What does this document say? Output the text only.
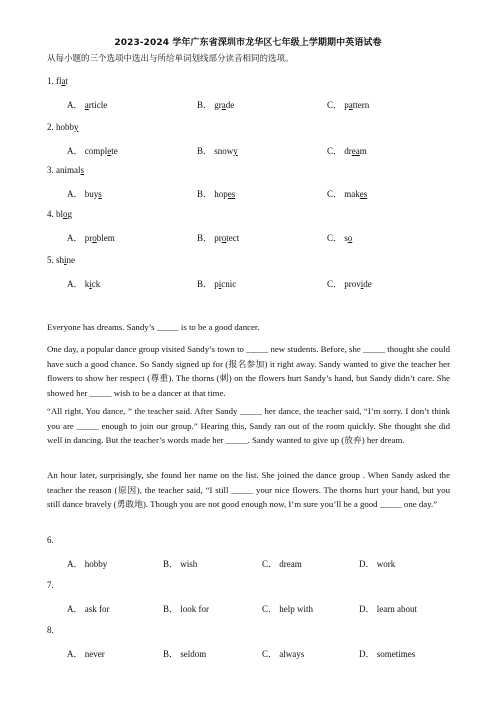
2023-2024 学年广东省深圳市龙华区七年级上学期期中英语试卷
从每小题的三个选项中选出与所给单词划线部分读音相同的选项。
1. flat
A． article	B． grade	C． pattern
2. hobby
A． complete	B． snowy	C． dream
3. animals
A． buys	B． hopes	C． makes
4. blog
A． problem	B． protect	C． so
5. shine
A． kick	B． picnic	C． provide
Everyone has dreams. Sandy’s _____ is to be a good dancer.
One day, a popular dance group visited Sandy’s town to _____ new students. Before, she _____ thought she could have such a good chance. So Sandy signed up for (报名参加) it right away. Sandy wanted to give the teacher her flowers to show her respect (尊重). The thorns (刺) on the flowers hurt Sandy’s hand, but Sandy didn’t care. She showed her _____ wish to be a dancer at that time.
“All right. You dance, ” the teacher said. After Sandy _____ her dance, the teacher said, “I’m sorry. I don’t think you are _____ enough to join our group.” Hearing this, Sandy ran out of the room quickly. She thought she did well in dancing. But the teacher’s words made her _____. Sandy wanted to give up (放弃) her dream.
An hour later, surprisingly, she found her name on the list. She joined the dance group . When Sandy asked the teacher the reason (原因), the teacher said, “I still _____ your nice flowers. The thorns hurt your hand, but you still dance bravely (勇敢地). Though you are not good enough now, I’m sure you’ll be a good _____ one day.”
6.
A． hobby	B． wish	C． dream	D． work
7.
A． ask for	B． look for	C． help with	D． learn about
8.
A． never	B． seldom	C． always	D． sometimes
